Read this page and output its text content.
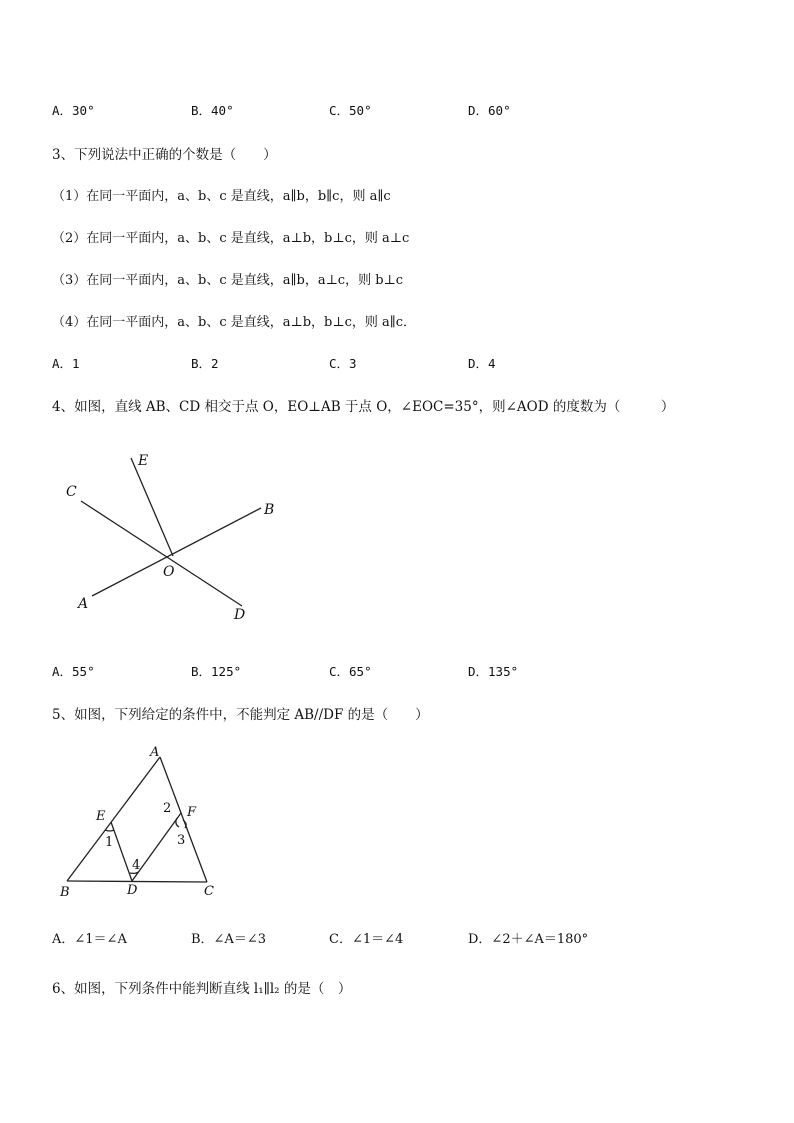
A．30°	B．40°	C．50°	D．60°
3、下列说法中正确的个数是（　　）
（1）在同一平面内，a、b、c 是直线，a∥b，b∥c，则 a∥c
（2）在同一平面内，a、b、c 是直线，a⊥b，b⊥c，则 a⊥c
（3）在同一平面内，a、b、c 是直线，a∥b，a⊥c，则 b⊥c
（4）在同一平面内，a、b、c 是直线，a⊥b，b⊥c，则 a∥c．
A．1	B．2	C．3	D．4
4、如图，直线 AB、CD 相交于点 O，EO⊥AB 于点 O，∠EOC=35°，则∠AOD 的度数为（　　　）
E
C
B
O
A
D
A．55°	B．125°	C．65°	D．135°
5、如图，下列给定的条件中，不能判定 AB//DF 的是（　　）
A
E	F
B	D	C
1
2
3
4
A．∠1＝∠A	B．∠A＝∠3	C．∠1＝∠4	D．∠2＋∠A＝180°
6、如图，下列条件中能判断直线 l₁∥l₂ 的是（　）
